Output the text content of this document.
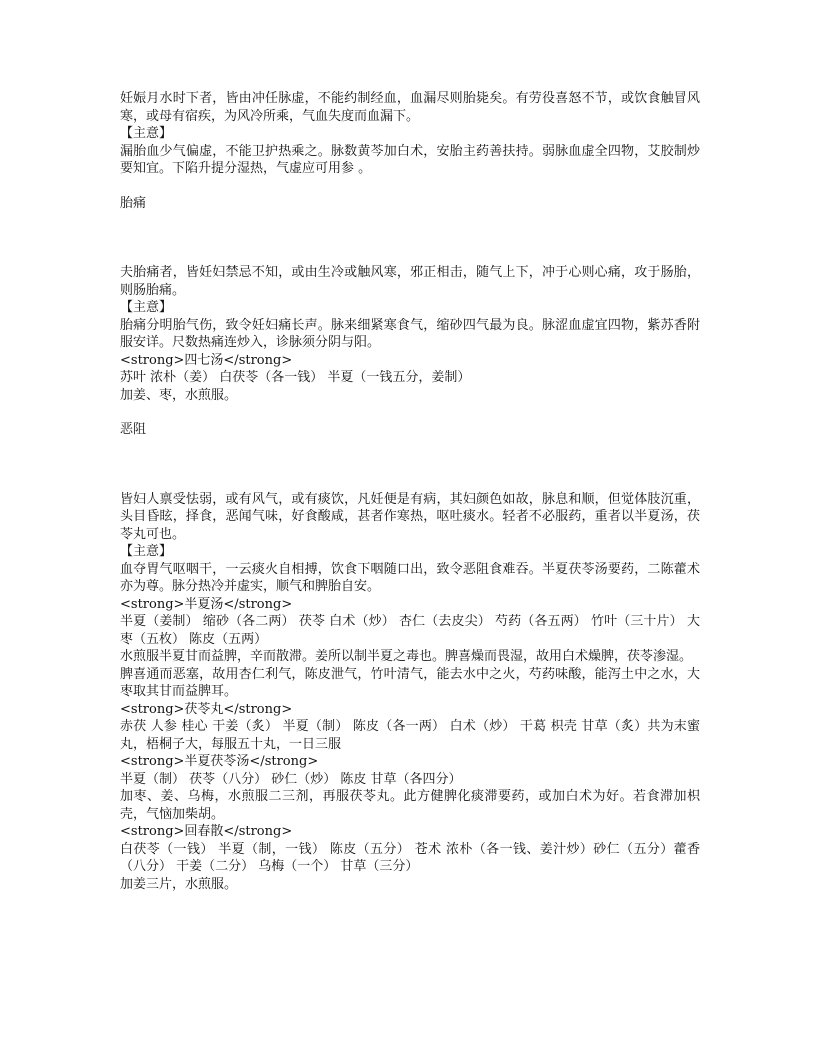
妊娠月水时下者，皆由冲任脉虚，不能约制经血，血漏尽则胎毙矣。有劳役喜怒不节，或饮食触冒风寒，或母有宿疾，为风冷所乘，气血失度而血漏下。

【主意】

漏胎血少气偏虚，不能卫护热乘之。脉数黄芩加白术，安胎主药善扶持。弱脉血虚全四物，艾胶制炒要知宜。下陷升提分湿热，气虚应可用参 。

胎痛

夫胎痛者，皆妊妇禁忌不知，或由生冷或触风寒，邪正相击，随气上下，冲于心则心痛，攻于肠胎，则肠胎痛。

【主意】

胎痛分明胎气伤，致令妊妇痛长声。脉来细紧寒食气，缩砂四气最为良。脉涩血虚宜四物，紫苏香附服安详。尺数热痛连炒入，诊脉须分阴与阳。

<strong>四七汤</strong>

苏叶 浓朴（姜） 白茯苓（各一钱） 半夏（一钱五分，姜制）

加姜、枣，水煎服。

恶阻

皆妇人禀受怯弱，或有风气，或有痰饮，凡妊便是有病，其妇颜色如故，脉息和顺，但觉体肢沉重，头目昏眩，择食，恶闻气味，好食酸咸，甚者作寒热，呕吐痰水。轻者不必服药，重者以半夏汤，茯苓丸可也。

【主意】

血夺胃气呕咽干，一云痰火自相搏，饮食下咽随口出，致令恶阻食难吞。半夏茯苓汤要药，二陈藿术亦为尊。脉分热冷并虚实，顺气和脾胎自安。

<strong>半夏汤</strong>

半夏（姜制） 缩砂（各二两） 茯苓 白术（炒） 杏仁（去皮尖） 芍药（各五两） 竹叶（三十片） 大枣（五枚） 陈皮（五两）

水煎服半夏甘而益脾，辛而散滞。姜所以制半夏之毒也。脾喜燥而畏湿，故用白术燥脾，茯苓渗湿。

脾喜通而恶塞，故用杏仁利气，陈皮泄气，竹叶清气，能去水中之火，芍药味酸，能泻土中之水，大枣取其甘而益脾耳。

<strong>茯苓丸</strong>

赤茯 人参 桂心 干姜（炙） 半夏（制） 陈皮（各一两） 白术（炒） 干葛 枳壳 甘草（炙）共为末蜜丸，梧桐子大，每服五十丸，一日三服

<strong>半夏茯苓汤</strong>

半夏（制） 茯苓（八分） 砂仁（炒） 陈皮 甘草（各四分）

加枣、姜、乌梅，水煎服二三剂，再服茯苓丸。此方健脾化痰滞要药，或加白术为好。若食滞加枳壳，气恼加柴胡。

<strong>回春散</strong>

白茯苓（一钱） 半夏（制，一钱） 陈皮（五分） 苍术 浓朴（各一钱、姜汁炒）砂仁（五分）藿香（八分） 干姜（二分） 乌梅（一个） 甘草（三分）

加姜三片，水煎服。
